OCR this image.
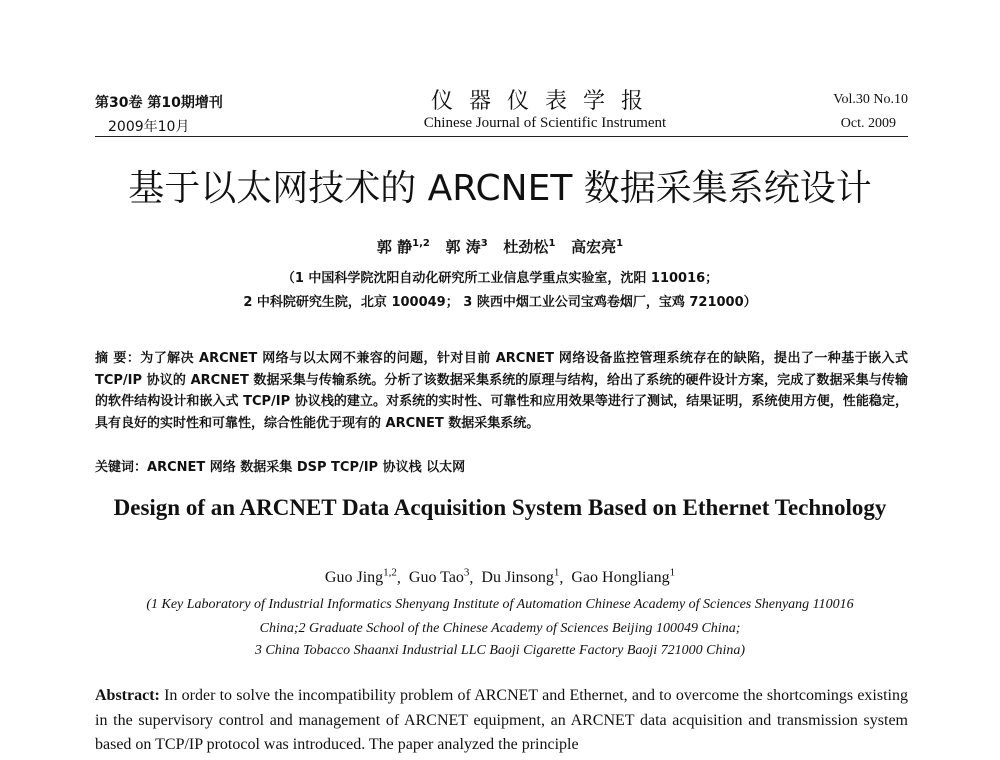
第30卷 第10期增刊
2009年10月
仪器仪表学报
Chinese Journal of Scientific Instrument
Vol.30 No.10
Oct. 2009
基于以太网技术的 ARCNET 数据采集系统设计
郭 静$^{1,2}$ 郭 涛$^3$ 杜劲松$^1$ 高宏亮$^1$
（1 中国科学院沈阳自动化研究所工业信息学重点实验室，沈阳 110016；
2 中科院研究生院，北京 100049； 3 陕西中烟工业公司宝鸡卷烟厂，宝鸡 721000）
摘 要：为了解决 ARCNET 网络与以太网不兼容的问题，针对目前 ARCNET 网络设备监控管理系统存在的缺陷，提出了一种基于嵌入式 TCP/IP 协议的 ARCNET 数据采集与传输系统。分析了该数据采集系统的原理与结构，给出了系统的硬件设计方案，完成了数据采集与传输的软件结构设计和嵌入式 TCP/IP 协议栈的建立。对系统的实时性、可靠性和应用效果等进行了测试，结果证明，系统使用方便，性能稳定，具有良好的实时性和可靠性，综合性能优于现有的 ARCNET 数据采集系统。
关键词：ARCNET 网络 数据采集 DSP TCP/IP 协议栈 以太网
Design of an ARCNET Data Acquisition System Based on Ethernet Technology
Guo Jing$^{1,2}$,  Guo Tao$^3$,  Du Jinsong$^1$,  Gao Hongliang$^1$
(1 Key Laboratory of Industrial Informatics Shenyang Institute of Automation Chinese Academy of Sciences Shenyang 110016
China;2 Graduate School of the Chinese Academy of Sciences Beijing 100049 China;
3 China Tobacco Shaanxi Industrial LLC Baoji Cigarette Factory Baoji 721000 China)
Abstract: In order to solve the incompatibility problem of ARCNET and Ethernet, and to overcome the shortcomings existing in the supervisory control and management of ARCNET equipment, an ARCNET data acquisition and transmission system based on TCP/IP protocol was introduced. The paper analyzed the principle
